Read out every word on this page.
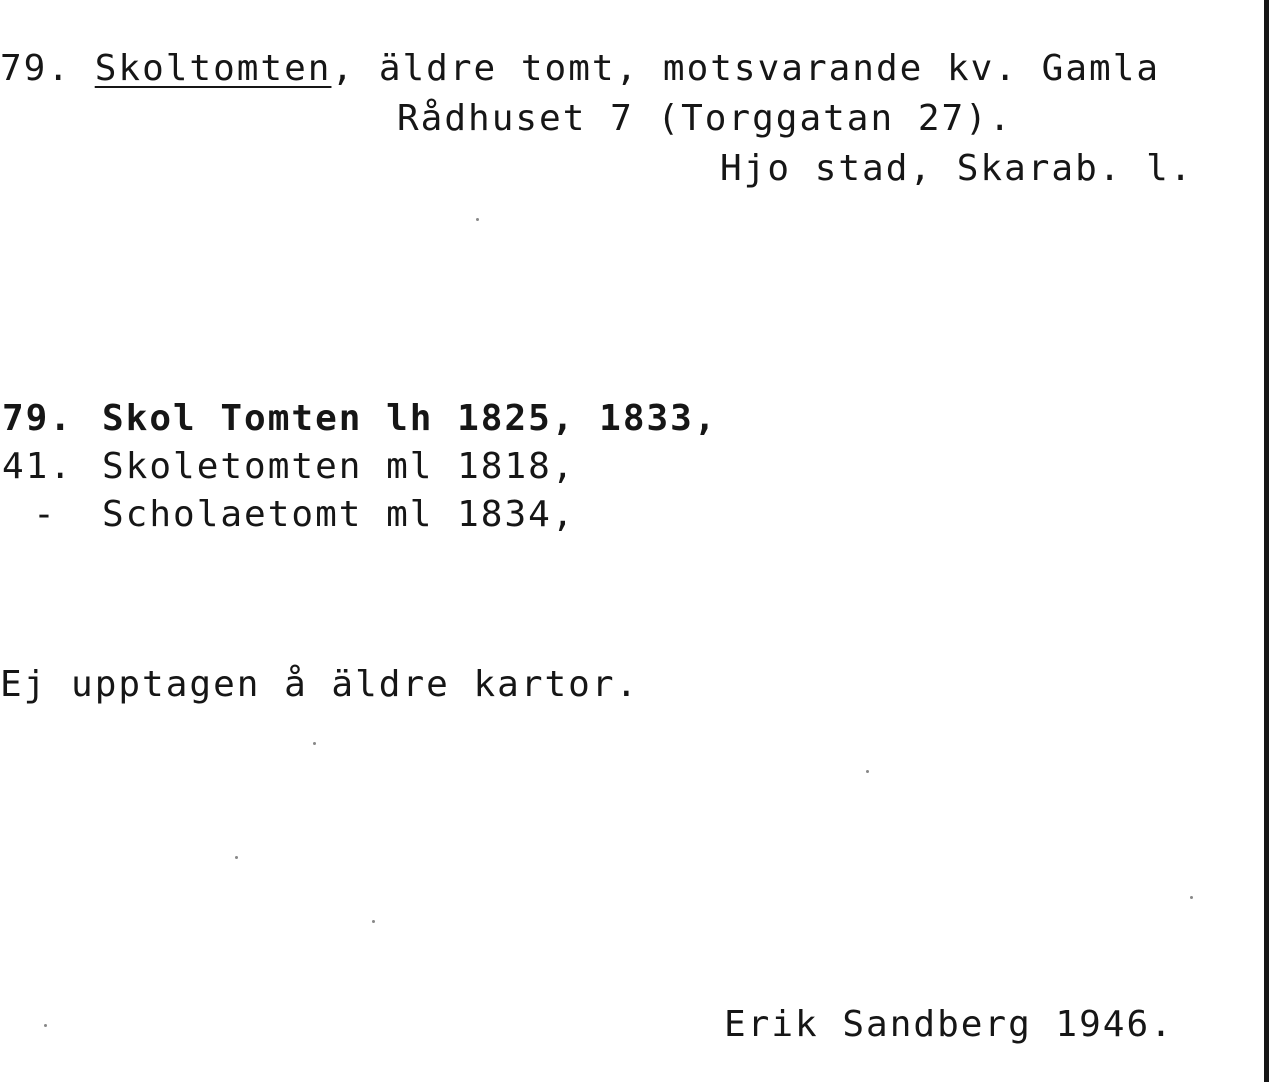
79. Skoltomten, äldre tomt, motsvarande kv. Gamla
Rådhuset 7 (Torggatan 27).
Hjo stad, Skarab. l.
79. Skol Tomten lh 1825, 1833,
41. Skoletomten ml 1818,
- Scholaetomt ml 1834,
Ej upptagen å äldre kartor.
Erik Sandberg 1946.
